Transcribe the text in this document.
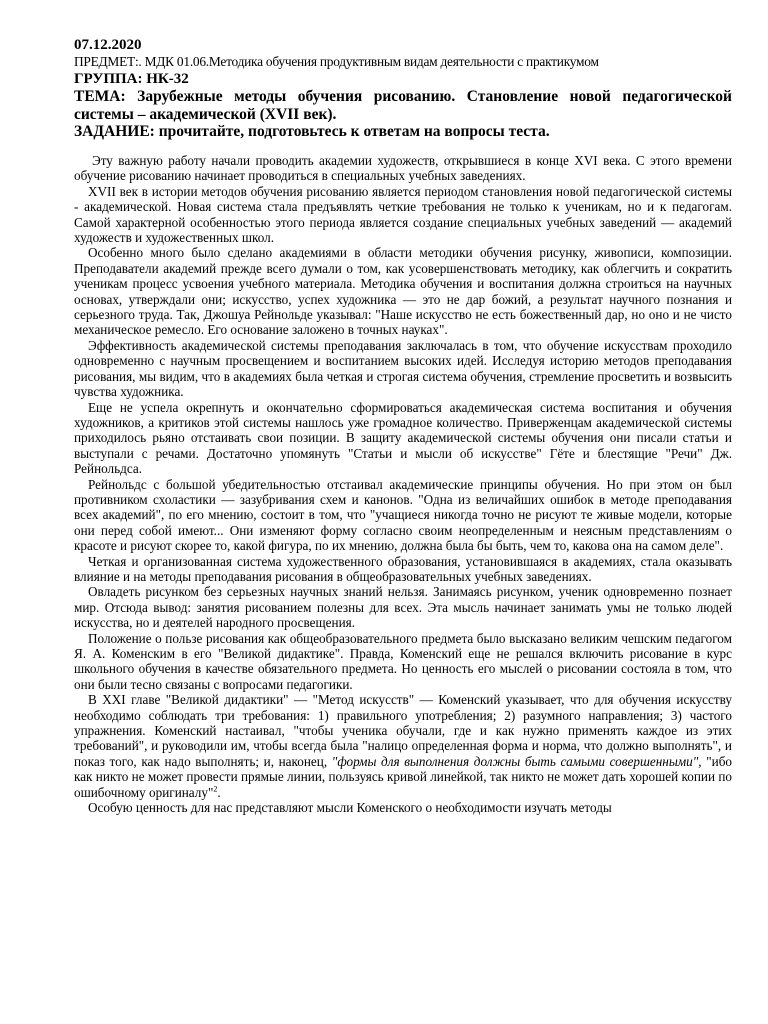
07.12.2020

ПРЕДМЕТ:. МДК 01.06.Методика обучения продуктивным видам деятельности с практикумом

ГРУППА: НК-32

ТЕМА: Зарубежные методы обучения рисованию. Становление новой педагогической системы – академической (XVII век).

ЗАДАНИЕ: прочитайте, подготовьтесь к ответам на вопросы теста.

Эту важную работу начали проводить академии художеств, открывшиеся в конце XVI века. С этого времени обучение рисованию начинает проводиться в специальных учебных заведениях.

XVII век в истории методов обучения рисованию является периодом становления новой педагогической системы - академической. Новая система стала предъявлять четкие требования не только к ученикам, но и к педагогам. Самой характерной особенностью этого периода является создание специальных учебных заведений — академий художеств и художественных школ.

Особенно много было сделано академиями в области методики обучения рисунку, живописи, композиции. Преподаватели академий прежде всего думали о том, как усовершенствовать методику, как облегчить и сократить ученикам процесс усвоения учебного материала. Методика обучения и воспитания должна строиться на научных основах, утверждали они; искусство, успех художника — это не дар божий, а результат научного познания и серьезного труда. Так, Джошуа Рейнольде указывал: "Наше искусство не есть божественный дар, но оно и не чисто механическое ремесло. Его основание заложено в точных науках".

Эффективность академической системы преподавания заключалась в том, что обучение искусствам проходило одновременно с научным просвещением и воспитанием высоких идей. Исследуя историю методов преподавания рисования, мы видим, что в академиях была четкая и строгая система обучения, стремление просветить и возвысить чувства художника.

Еще не успела окрепнуть и окончательно сформироваться академическая система воспитания и обучения художников, а критиков этой системы нашлось уже громадное количество. Приверженцам академической системы приходилось рьяно отстаивать свои позиции. В защиту академической системы обучения они писали статьи и выступали с речами. Достаточно упомянуть "Статьи и мысли об искусстве" Гёте и блестящие "Речи" Дж. Рейнольдса.

Рейнольдс с большой убедительностью отстаивал академические принципы обучения. Но при этом он был противником схоластики — зазубривания схем и канонов. "Одна из величайших ошибок в методе преподавания всех академий", по его мнению, состоит в том, что "учащиеся никогда точно не рисуют те живые модели, которые они перед собой имеют... Они изменяют форму согласно своим неопределенным и неясным представлениям о красоте и рисуют скорее то, какой фигура, по их мнению, должна была бы быть, чем то, какова она на самом деле".

Четкая и организованная система художественного образования, установившаяся в академиях, стала оказывать влияние и на методы преподавания рисования в общеобразовательных учебных заведениях.

Овладеть рисунком без серьезных научных знаний нельзя. Занимаясь рисунком, ученик одновременно познает мир. Отсюда вывод: занятия рисованием полезны для всех. Эта мысль начинает занимать умы не только людей искусства, но и деятелей народного просвещения.

Положение о пользе рисования как общеобразовательного предмета было высказано великим чешским педагогом Я. А. Коменским в его "Великой дидактике". Правда, Коменский еще не решался включить рисование в курс школьного обучения в качестве обязательного предмета. Но ценность его мыслей о рисовании состояла в том, что они были тесно связаны с вопросами педагогики.

В XXI главе "Великой дидактики" — "Метод искусств" — Коменский указывает, что для обучения искусству необходимо соблюдать три требования: 1) правильного употребления; 2) разумного направления; 3) частого упражнения. Коменский настаивал, "чтобы ученика обучали, где и как нужно применять каждое из этих требований", и руководили им, чтобы всегда была "налицо определенная форма и норма, что должно выполнять", и показ того, как надо выполнять; и, наконец, "формы для выполнения должны быть самыми совершенными", "ибо как никто не может провести прямые линии, пользуясь кривой линейкой, так никто не может дать хорошей копии по ошибочному оригиналу"$^2$.

Особую ценность для нас представляют мысли Коменского о необходимости изучать методы
